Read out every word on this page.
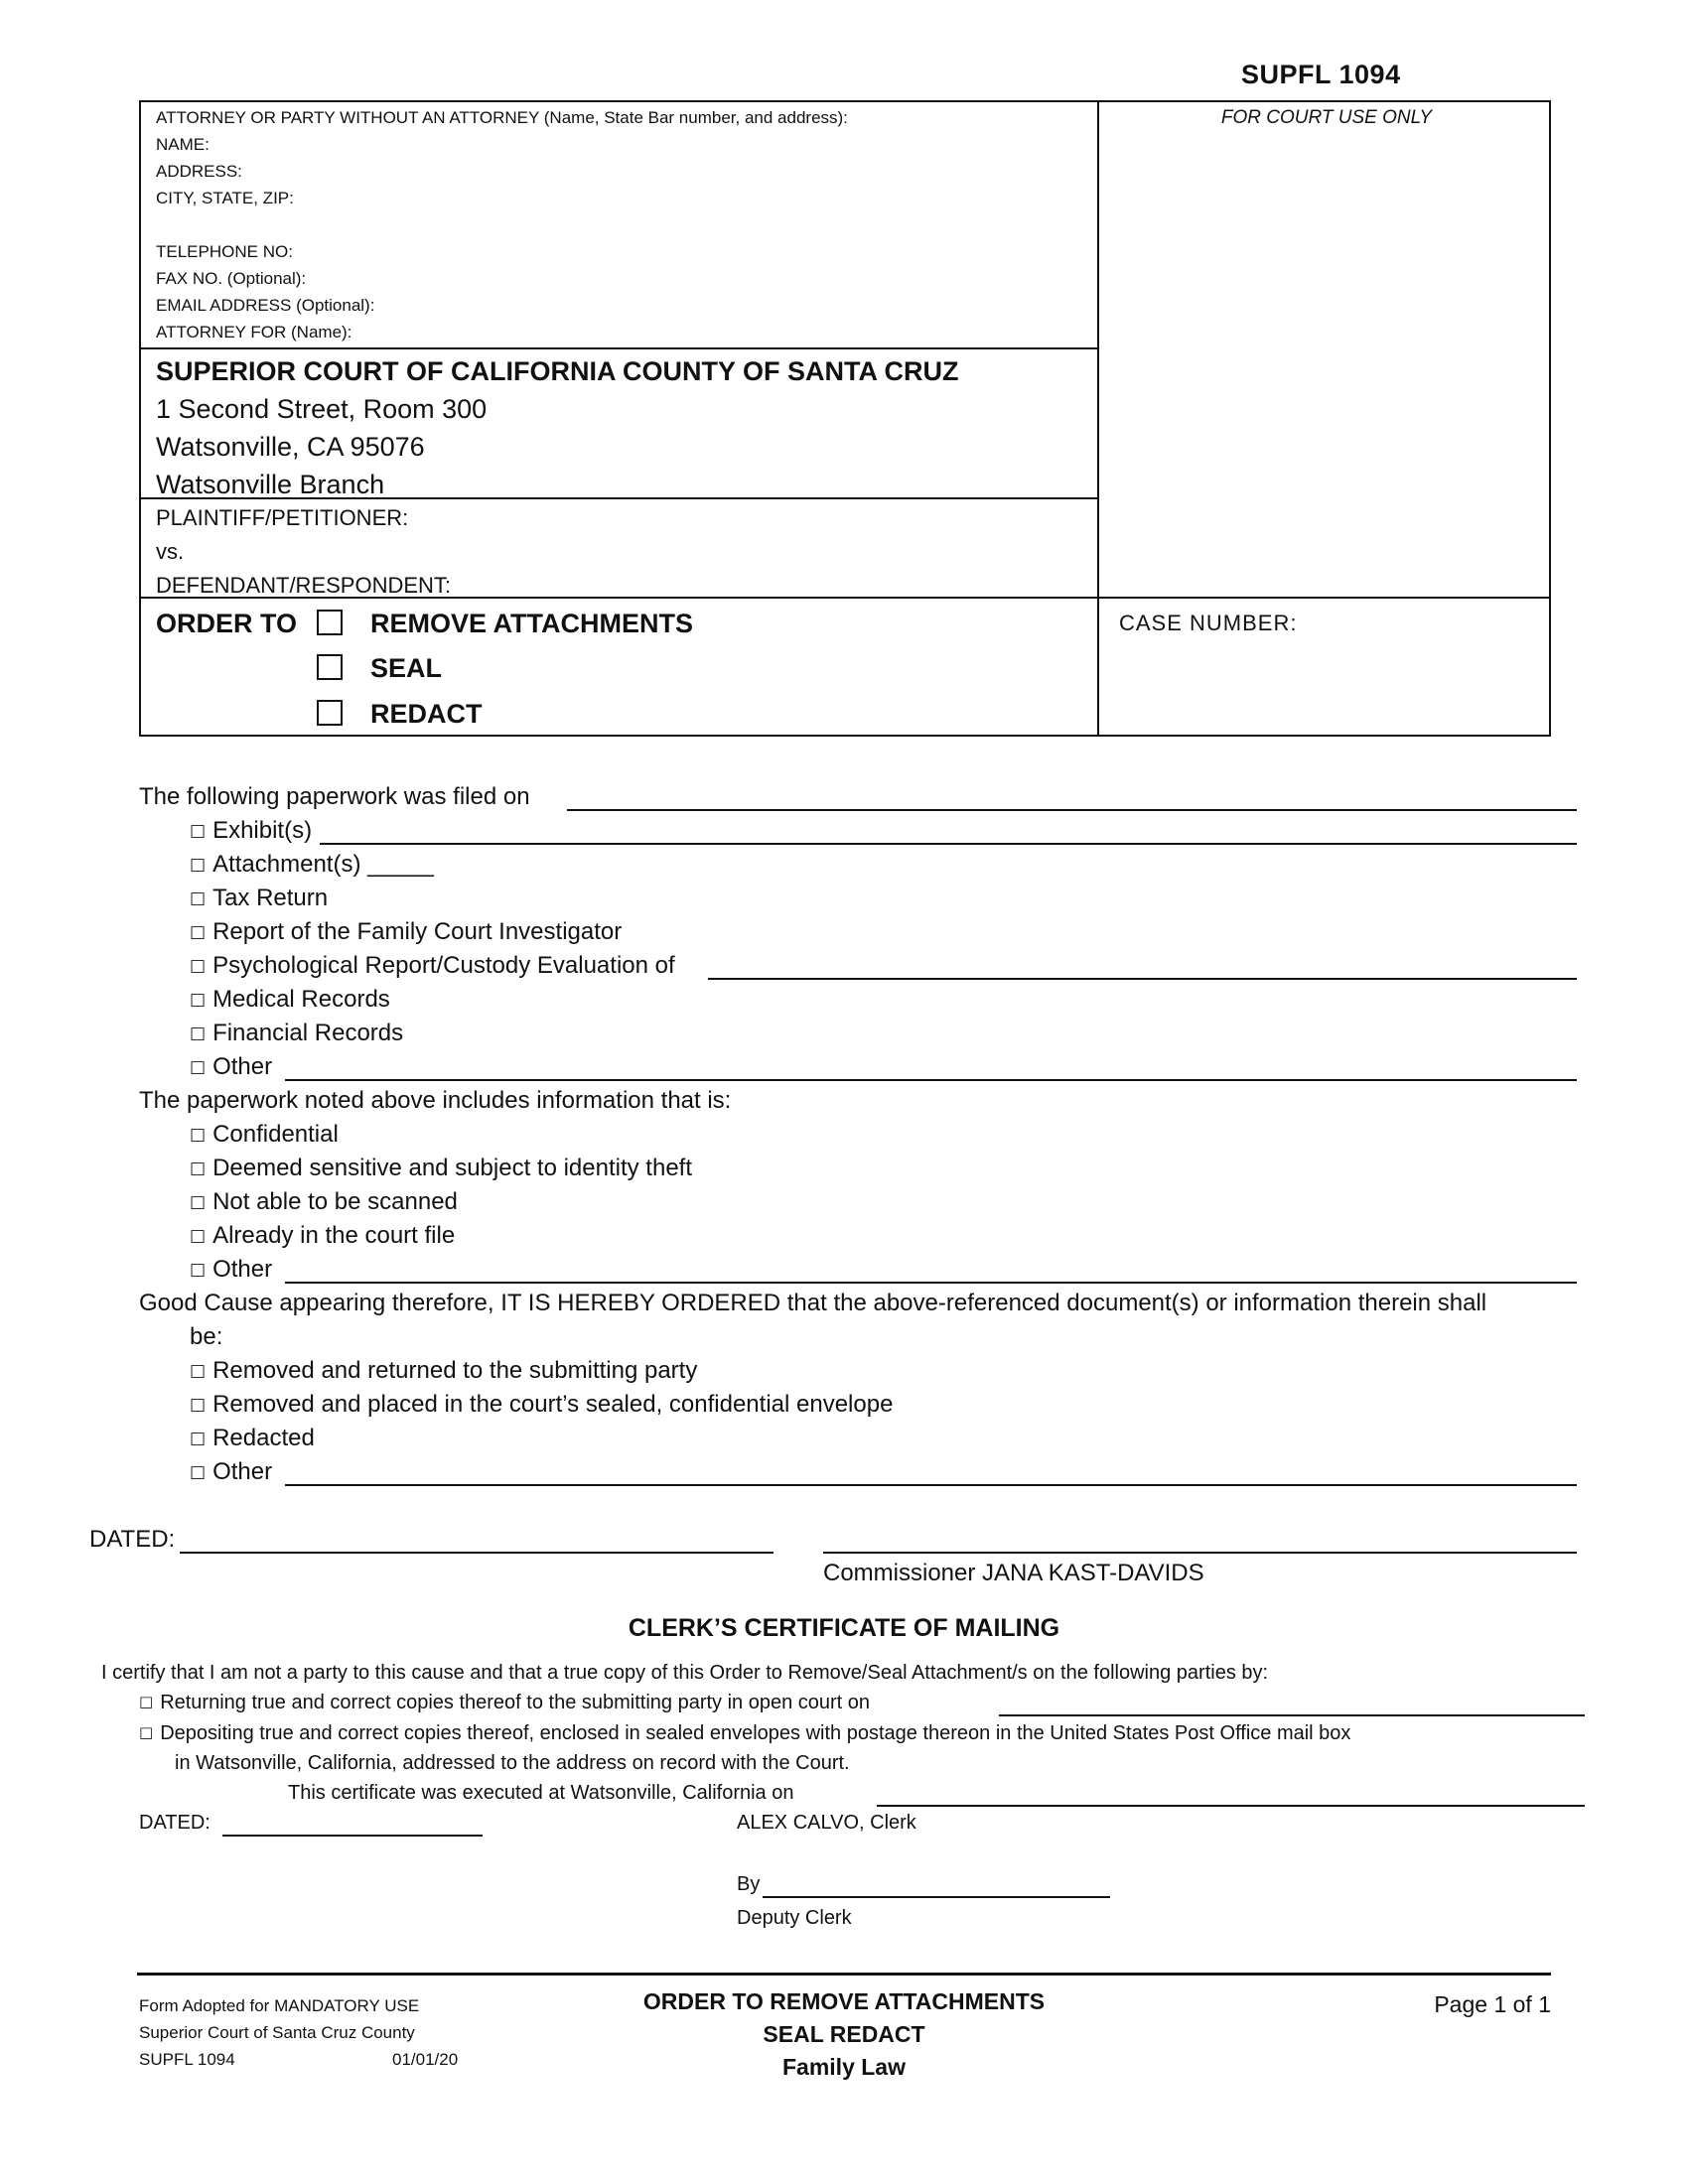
SUPFL 1094
FOR COURT USE ONLY
ATTORNEY OR PARTY WITHOUT AN ATTORNEY (Name, State Bar number, and address):
NAME:
ADDRESS:
CITY, STATE, ZIP:
TELEPHONE NO:
FAX NO. (Optional):
EMAIL ADDRESS (Optional):
ATTORNEY FOR (Name):
SUPERIOR COURT OF CALIFORNIA COUNTY OF SANTA CRUZ
1 Second Street, Room 300
Watsonville, CA 95076
Watsonville Branch
PLAINTIFF/PETITIONER:
vs.
DEFENDANT/RESPONDENT:
ORDER TO	REMOVE ATTACHMENTS
SEAL
REDACT
CASE NUMBER:
The following paperwork was filed on
□ Exhibit(s)
□ Attachment(s) _____
□ Tax Return
□ Report of the Family Court Investigator
□ Psychological Report/Custody Evaluation of
□ Medical Records
□ Financial Records
□ Other
The paperwork noted above includes information that is:
□ Confidential
□ Deemed sensitive and subject to identity theft
□ Not able to be scanned
□ Already in the court file
□ Other
Good Cause appearing therefore, IT IS HEREBY ORDERED that the above-referenced document(s) or information therein shall
be:
□ Removed and returned to the submitting party
□ Removed and placed in the court’s sealed, confidential envelope
□ Redacted
□ Other
DATED:
Commissioner JANA KAST-DAVIDS
CLERK’S CERTIFICATE OF MAILING
I certify that I am not a party to this cause and that a true copy of this Order to Remove/Seal Attachment/s on the following parties by:
□ Returning true and correct copies thereof to the submitting party in open court on
□ Depositing true and correct copies thereof, enclosed in sealed envelopes with postage thereon in the United States Post Office mail box
in Watsonville, California, addressed to the address on record with the Court.
This certificate was executed at Watsonville, California on
DATED:	ALEX CALVO, Clerk
By
Deputy Clerk
Form Adopted for MANDATORY USE
Superior Court of Santa Cruz County
SUPFL 1094	01/01/20
ORDER TO REMOVE ATTACHMENTS
SEAL REDACT
Family Law
Page 1 of 1
